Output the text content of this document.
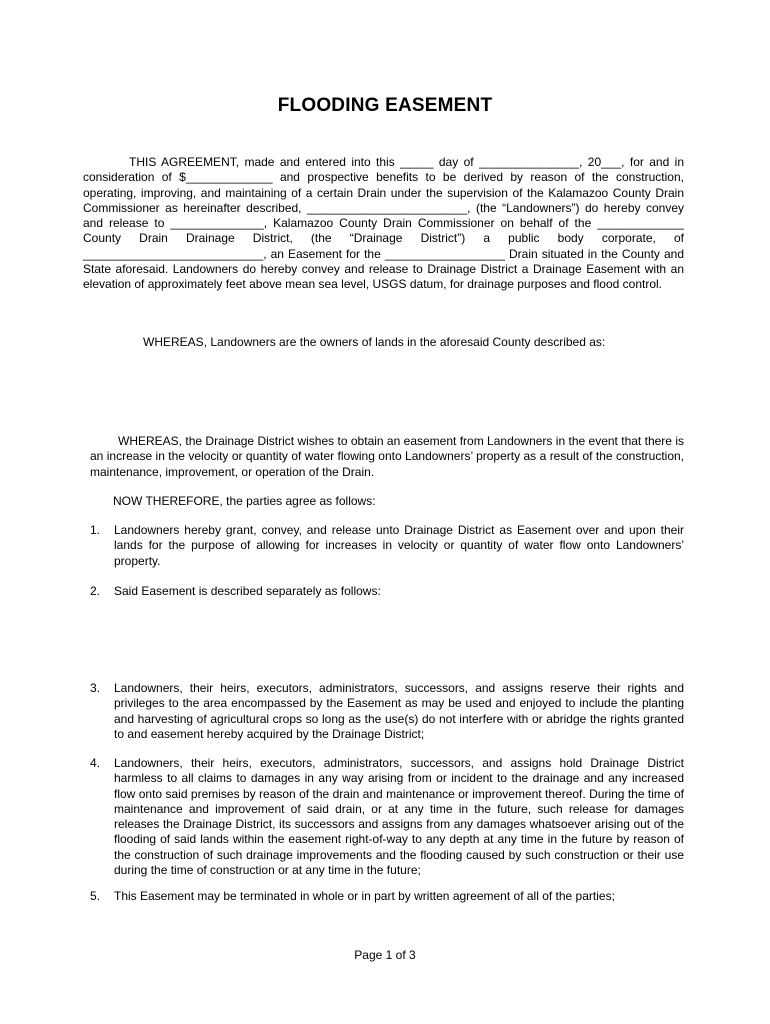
FLOODING EASEMENT
THIS AGREEMENT, made and entered into this _____ day of _______________, 20___, for and in consideration of $_____________ and prospective benefits to be derived by reason of the construction, operating, improving, and maintaining of a certain Drain under the supervision of the Kalamazoo County Drain Commissioner as hereinafter described, ________________________, (the “Landowners”) do hereby convey and release to ______________, Kalamazoo County Drain Commissioner on behalf of the _____________ County Drain Drainage District, (the “Drainage District”) a public body corporate, of ___________________________, an Easement for the __________________ Drain situated in the County and State aforesaid. Landowners do hereby convey and release to Drainage District a Drainage Easement with an elevation of approximately feet above mean sea level, USGS datum, for drainage purposes and flood control.
WHEREAS, Landowners are the owners of lands in the aforesaid County described as:
WHEREAS, the Drainage District wishes to obtain an easement from Landowners in the event that there is an increase in the velocity or quantity of water flowing onto Landowners’ property as a result of the construction, maintenance, improvement, or operation of the Drain.
NOW THEREFORE, the parties agree as follows:
1.	Landowners hereby grant, convey, and release unto Drainage District as Easement over and upon their lands for the purpose of allowing for increases in velocity or quantity of water flow onto Landowners’ property.
2.	Said Easement is described separately as follows:
3.	Landowners, their heirs, executors, administrators, successors, and assigns reserve their rights and privileges to the area encompassed by the Easement as may be used and enjoyed to include the planting and harvesting of agricultural crops so long as the use(s) do not interfere with or abridge the rights granted to and easement hereby acquired by the Drainage District;
4.	Landowners, their heirs, executors, administrators, successors, and assigns hold Drainage District harmless to all claims to damages in any way arising from or incident to the drainage and any increased flow onto said premises by reason of the drain and maintenance or improvement thereof. During the time of maintenance and improvement of said drain, or at any time in the future, such release for damages releases the Drainage District, its successors and assigns from any damages whatsoever arising out of the flooding of said lands within the easement right-of-way to any depth at any time in the future by reason of the construction of such drainage improvements and the flooding caused by such construction or their use during the time of construction or at any time in the future;
5.	This Easement may be terminated in whole or in part by written agreement of all of the parties;
Page 1 of 3
